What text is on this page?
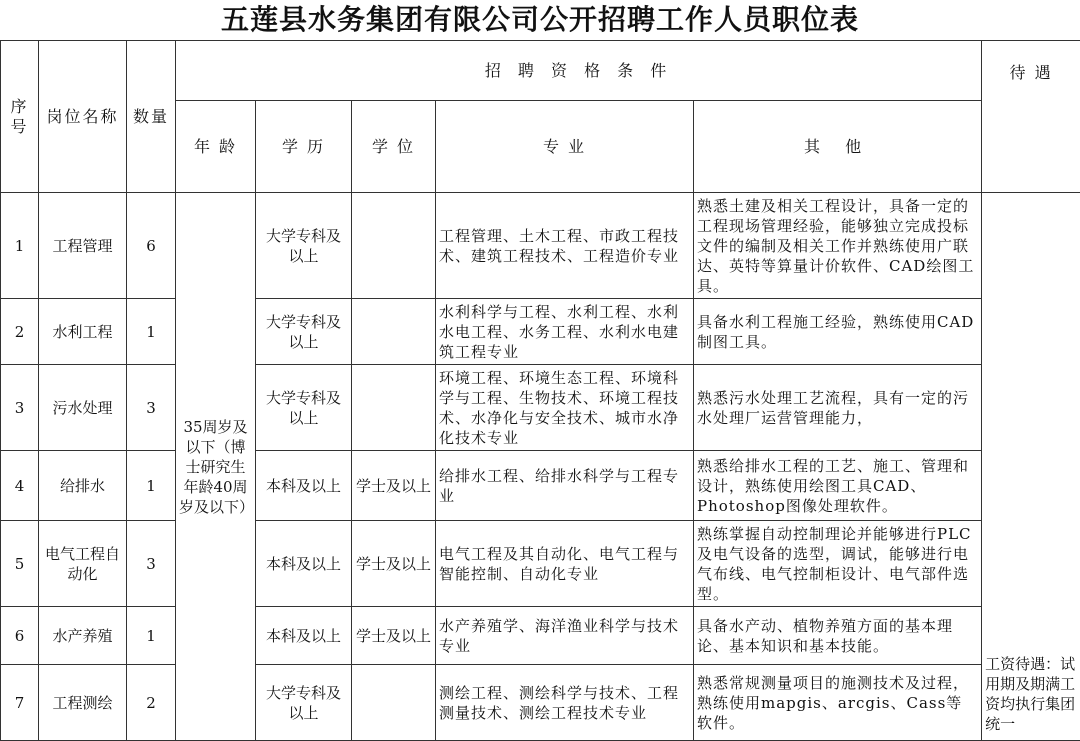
五莲县水务集团有限公司公开招聘工作人员职位表
序号	岗位名称	数量	招 聘 资 格 条 件					待 遇
			年 龄	学 历	学 位	专 业	其 他	
1	工程管理	6	35周岁及以下（博士研究生年龄40周岁及以下）	大学专科及以上		工程管理、土木工程、市政工程技术、建筑工程技术、工程造价专业	熟悉土建及相关工程设计，具备一定的工程现场管理经验，能够独立完成投标文件的编制及相关工作并熟练使用广联达、英特等算量计价软件、CAD绘图工具。	工资待遇：试用期及期满工资均执行集团统一
2	水利工程	1		大学专科及以上		水利科学与工程、水利工程、水利水电工程、水务工程、水利水电建筑工程专业	具备水利工程施工经验，熟练使用CAD制图工具。	
3	污水处理	3		大学专科及以上		环境工程、环境生态工程、环境科学与工程、生物技术、环境工程技术、水净化与安全技术、城市水净化技术专业	熟悉污水处理工艺流程，具有一定的污水处理厂运营管理能力，	
4	给排水	1		本科及以上	学士及以上	给排水工程、给排水科学与工程专业	熟悉给排水工程的工艺、施工、管理和设计，熟练使用绘图工具CAD、Photoshop图像处理软件。	
5	电气工程自动化	3		本科及以上	学士及以上	电气工程及其自动化、电气工程与智能控制、自动化专业	熟练掌握自动控制理论并能够进行PLC及电气设备的选型，调试，能够进行电气布线、电气控制柜设计、电气部件选型。	
6	水产养殖	1		本科及以上	学士及以上	水产养殖学、海洋渔业科学与技术专业	具备水产动、植物养殖方面的基本理论、基本知识和基本技能。	
7	工程测绘	2		大学专科及以上		测绘工程、测绘科学与技术、工程测量技术、测绘工程技术专业	熟悉常规测量项目的施测技术及过程，熟练使用mapgis、arcgis、Cass等软件。	
